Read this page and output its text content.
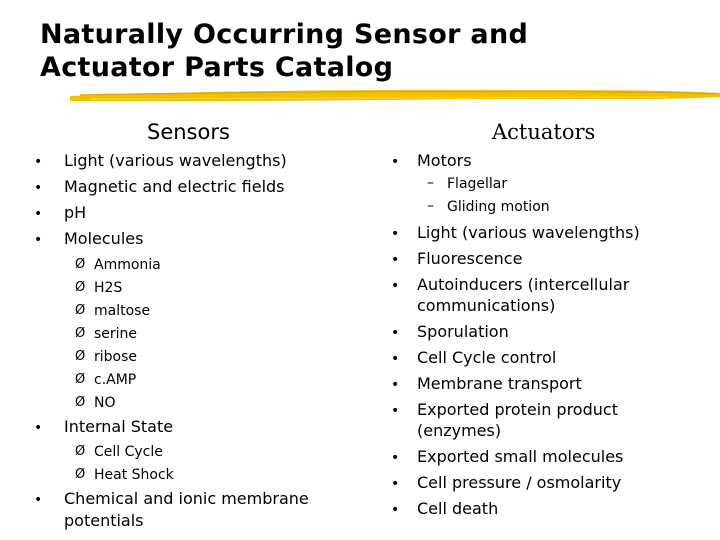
Naturally Occurring Sensor and
Actuator Parts Catalog
Sensors	Actuators
• Light (various wavelengths)
• Magnetic and electric fields
• pH
• Molecules
Ø Ammonia
Ø H2S
Ø maltose
Ø serine
Ø ribose
Ø c.AMP
Ø NO
• Internal State
Ø Cell Cycle
Ø Heat Shock
• Chemical and ionic membrane
potentials
• Motors
– Flagellar
– Gliding motion
• Light (various wavelengths)
• Fluorescence
• Autoinducers (intercellular
communications)
• Sporulation
• Cell Cycle control
• Membrane transport
• Exported protein product
(enzymes)
• Exported small molecules
• Cell pressure / osmolarity
• Cell death
